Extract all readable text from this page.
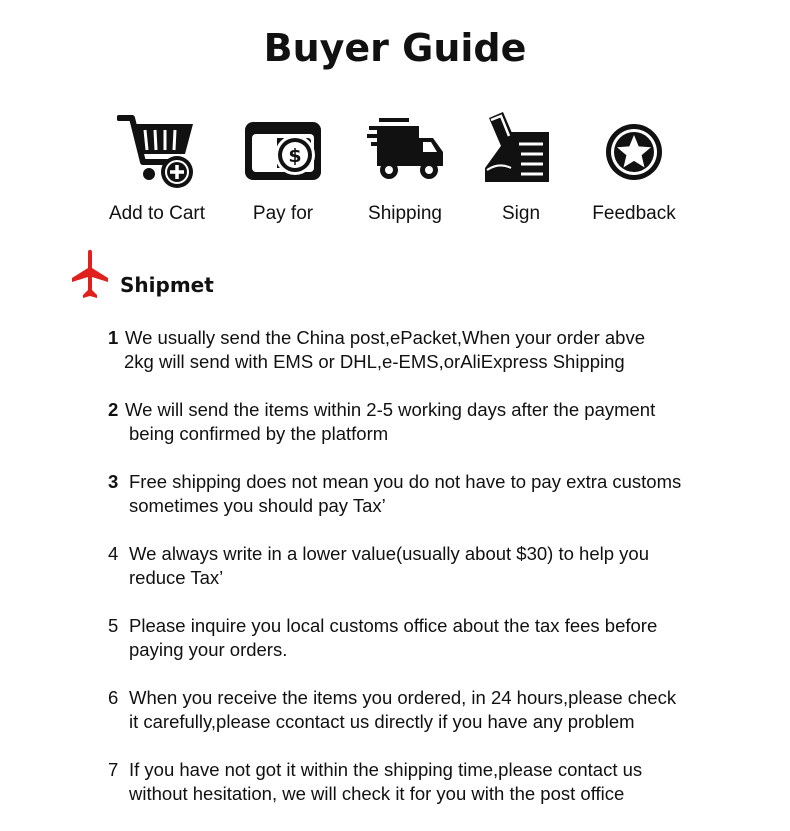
Buyer Guide
Add to Cart
$
Pay for	Shipping	Sign	Feedback
Shipmet
1 We usually send the China post,ePacket,When your order abve
2kg will send with EMS or DHL,e-EMS,orAliExpress Shipping
2 We will send the items within 2-5 working days after the payment
being confirmed by the platform
3 Free shipping does not mean you do not have to pay extra customs
sometimes you should pay Tax’
4 We always write in a lower value(usually about $30) to help you
reduce Tax’
5 Please inquire you local customs office about the tax fees before
paying your orders.
6 When you receive the items you ordered, in 24 hours,please check
it carefully,please ccontact us directly if you have any problem
7 If you have not got it within the shipping time,please contact us
without hesitation, we will check it for you with the post office
